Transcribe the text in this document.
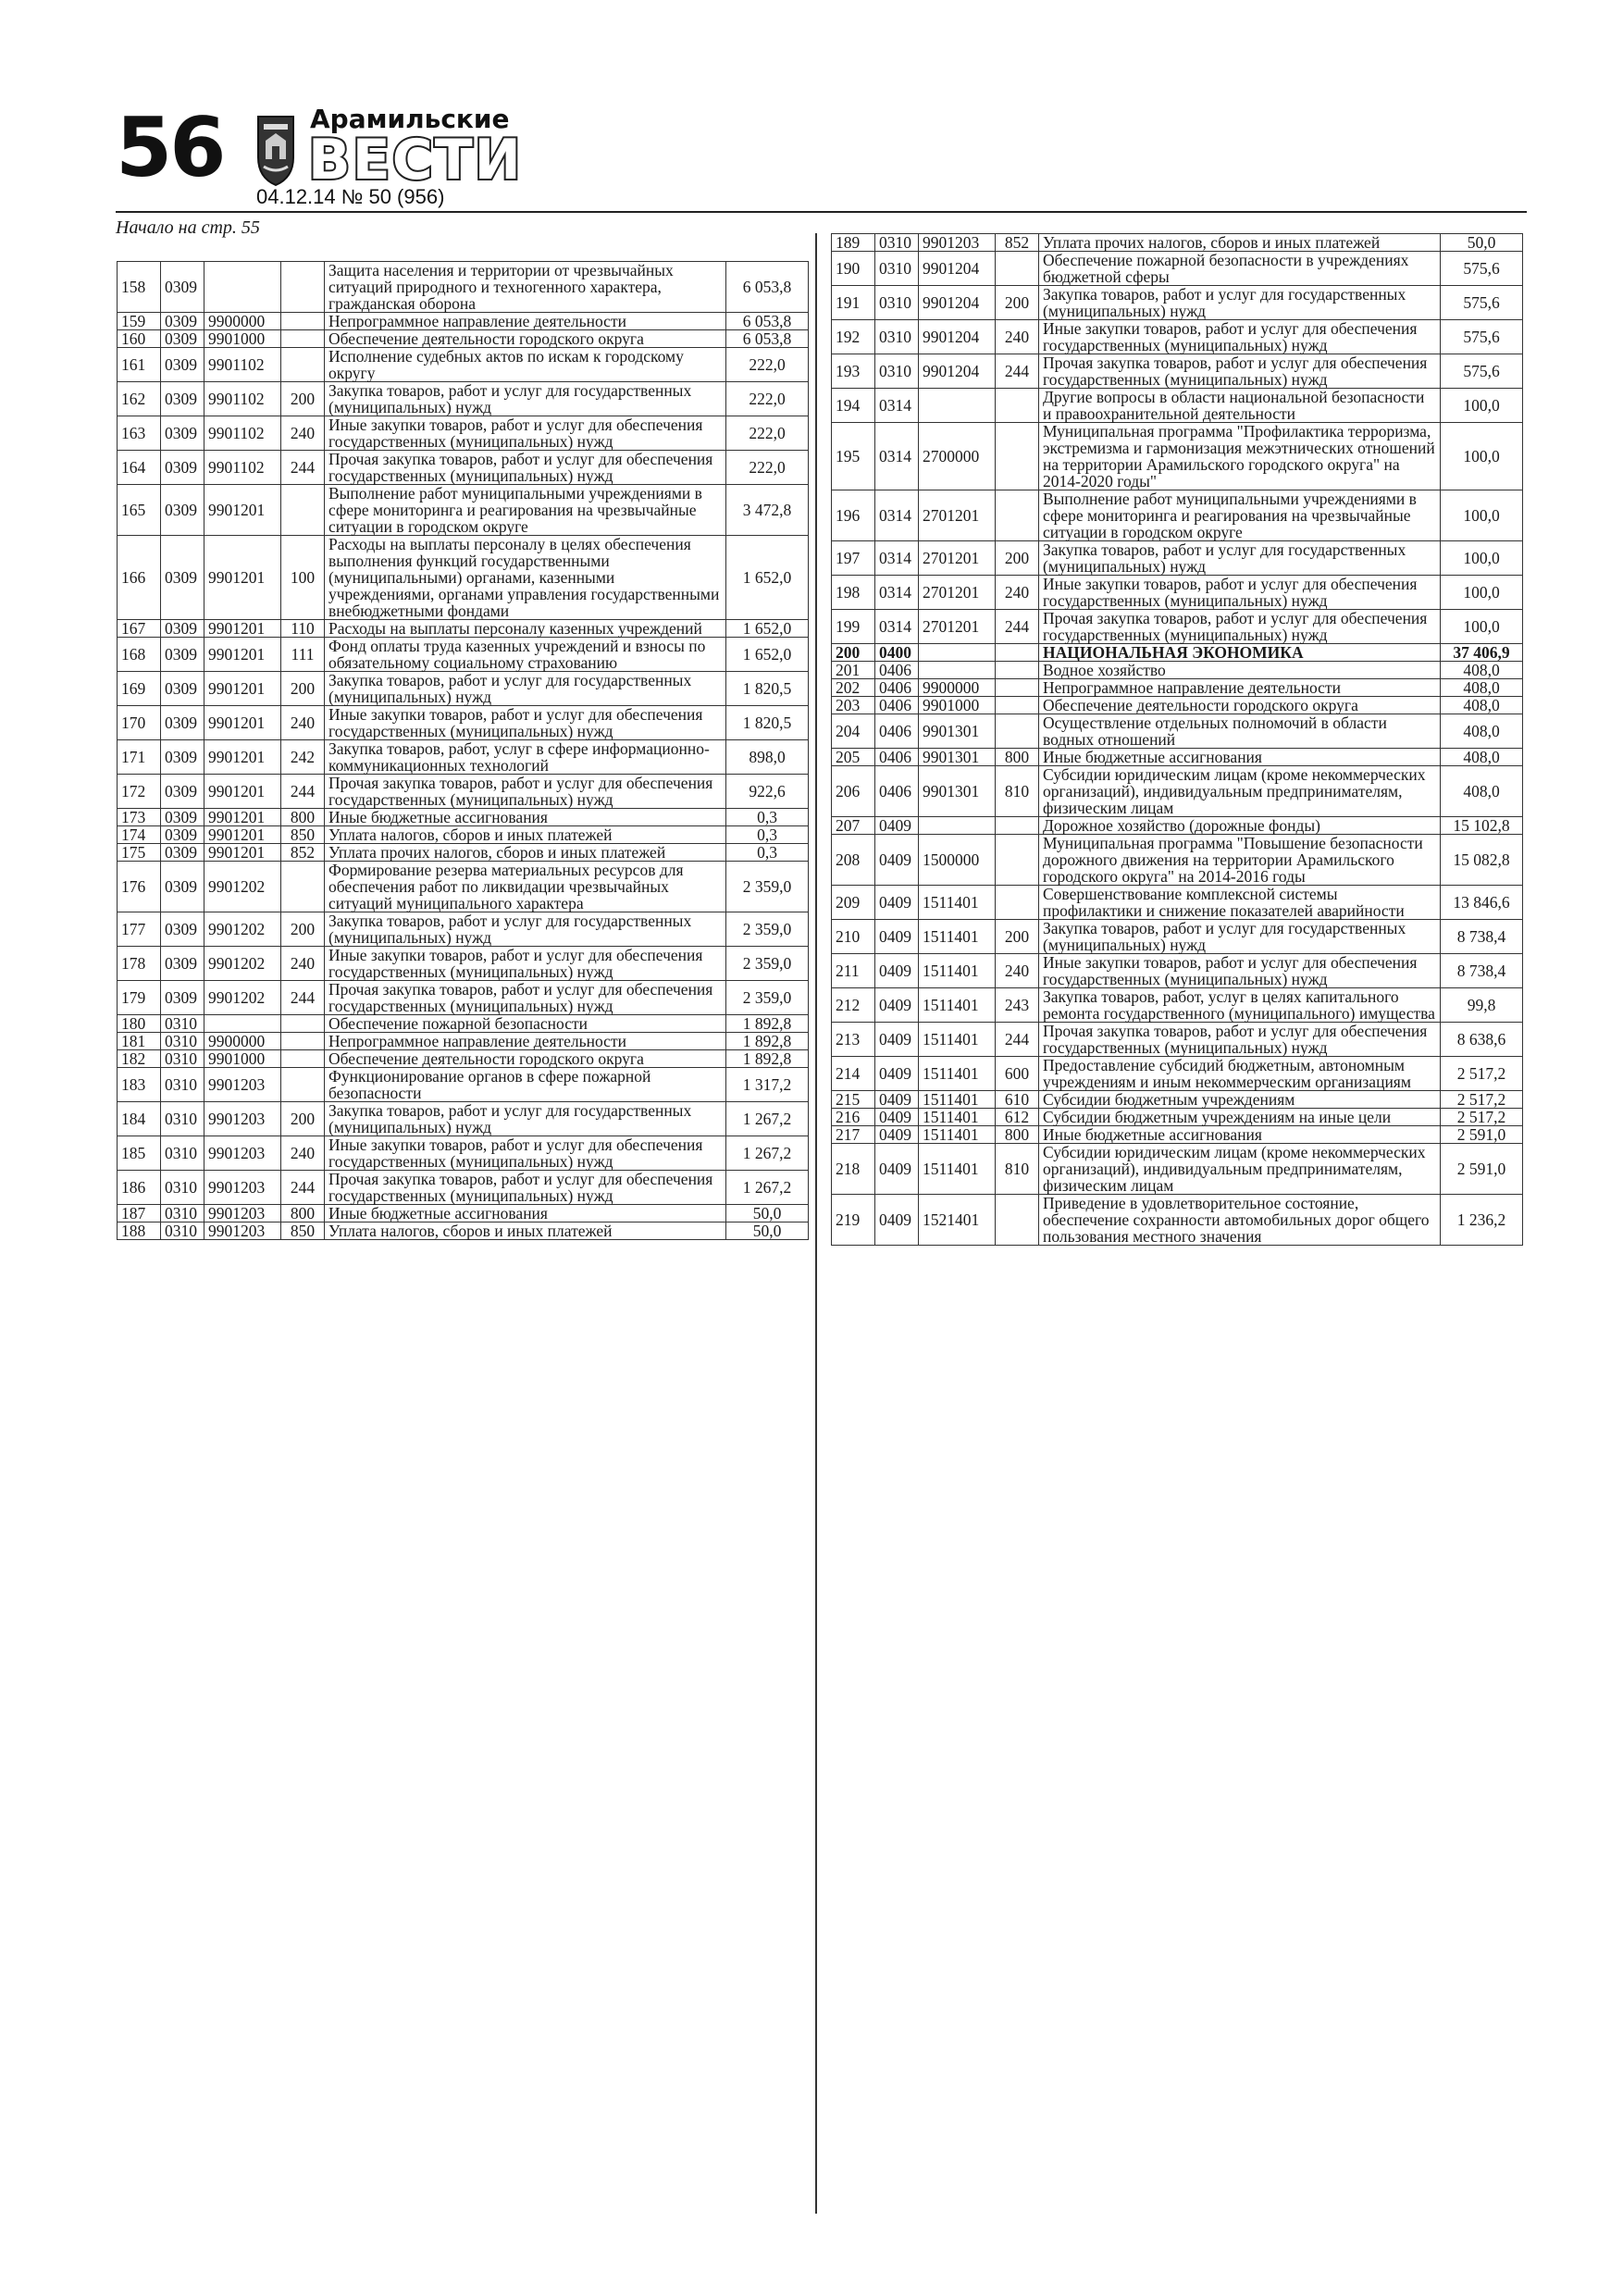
56	Арамильские
ВЕСТИ
04.12.14 № 50 (956)
Начало на стр. 55
158	0309			Защита населения и территории от чрезвычайных ситуаций природного и техногенного характера, гражданская оборона	6 053,8
159	0309	9900000		Непрограммное направление деятельности	6 053,8
160	0309	9901000		Обеспечение деятельности городского округа	6 053,8
161	0309	9901102		Исполнение судебных актов по искам к городскому округу	222,0
162	0309	9901102	200	Закупка товаров, работ и услуг для государственных (муниципальных) нужд	222,0
163	0309	9901102	240	Иные закупки товаров, работ и услуг для обеспечения государственных (муниципальных) нужд	222,0
164	0309	9901102	244	Прочая закупка товаров, работ и услуг для обеспечения государственных (муниципальных) нужд	222,0
165	0309	9901201		Выполнение работ муниципальными учреждениями в сфере мониторинга и реагирования на чрезвычайные ситуации в городском округе	3 472,8
166	0309	9901201	100	Расходы на выплаты персоналу в целях обеспечения выполнения функций государственными (муниципальными) органами, казенными учреждениями, органами управления государственными внебюджетными фондами	1 652,0
167	0309	9901201	110	Расходы на выплаты персоналу казенных учреждений	1 652,0
168	0309	9901201	111	Фонд оплаты труда казенных учреждений и взносы по обязательному социальному страхованию	1 652,0
169	0309	9901201	200	Закупка товаров, работ и услуг для государственных (муниципальных) нужд	1 820,5
170	0309	9901201	240	Иные закупки товаров, работ и услуг для обеспечения государственных (муниципальных) нужд	1 820,5
171	0309	9901201	242	Закупка товаров, работ, услуг в сфере информационно-коммуникационных технологий	898,0
172	0309	9901201	244	Прочая закупка товаров, работ и услуг для обеспечения государственных (муниципальных) нужд	922,6
173	0309	9901201	800	Иные бюджетные ассигнования	0,3
174	0309	9901201	850	Уплата налогов, сборов и иных платежей	0,3
175	0309	9901201	852	Уплата прочих налогов, сборов и иных платежей	0,3
176	0309	9901202		Формирование резерва материальных ресурсов для обеспечения работ по ликвидации чрезвычайных ситуаций муниципального характера	2 359,0
177	0309	9901202	200	Закупка товаров, работ и услуг для государственных (муниципальных) нужд	2 359,0
178	0309	9901202	240	Иные закупки товаров, работ и услуг для обеспечения государственных (муниципальных) нужд	2 359,0
179	0309	9901202	244	Прочая закупка товаров, работ и услуг для обеспечения государственных (муниципальных) нужд	2 359,0
180	0310			Обеспечение пожарной безопасности	1 892,8
181	0310	9900000		Непрограммное направление деятельности	1 892,8
182	0310	9901000		Обеспечение деятельности городского округа	1 892,8
183	0310	9901203		Функционирование органов в сфере пожарной безопасности	1 317,2
184	0310	9901203	200	Закупка товаров, работ и услуг для государственных (муниципальных) нужд	1 267,2
185	0310	9901203	240	Иные закупки товаров, работ и услуг для обеспечения государственных (муниципальных) нужд	1 267,2
186	0310	9901203	244	Прочая закупка товаров, работ и услуг для обеспечения государственных (муниципальных) нужд	1 267,2
187	0310	9901203	800	Иные бюджетные ассигнования	50,0
188	0310	9901203	850	Уплата налогов, сборов и иных платежей	50,0
189	0310	9901203	852	Уплата прочих налогов, сборов и иных платежей	50,0
190	0310	9901204		Обеспечение пожарной безопасности в учреждениях бюджетной сферы	575,6
191	0310	9901204	200	Закупка товаров, работ и услуг для государственных (муниципальных) нужд	575,6
192	0310	9901204	240	Иные закупки товаров, работ и услуг для обеспечения государственных (муниципальных) нужд	575,6
193	0310	9901204	244	Прочая закупка товаров, работ и услуг для обеспечения государственных (муниципальных) нужд	575,6
194	0314			Другие вопросы в области национальной безопасности и правоохранительной деятельности	100,0
195	0314	2700000		Муниципальная программа "Профилактика терроризма, экстремизма и гармонизация межэтнических отношений на территории Арамильского городского округа" на 2014-2020 годы"	100,0
196	0314	2701201		Выполнение работ муниципальными учреждениями в сфере мониторинга и реагирования на чрезвычайные ситуации в городском округе	100,0
197	0314	2701201	200	Закупка товаров, работ и услуг для государственных (муниципальных) нужд	100,0
198	0314	2701201	240	Иные закупки товаров, работ и услуг для обеспечения государственных (муниципальных) нужд	100,0
199	0314	2701201	244	Прочая закупка товаров, работ и услуг для обеспечения государственных (муниципальных) нужд	100,0
200	0400			НАЦИОНАЛЬНАЯ ЭКОНОМИКА	37 406,9
201	0406			Водное хозяйство	408,0
202	0406	9900000		Непрограммное направление деятельности	408,0
203	0406	9901000		Обеспечение деятельности городского округа	408,0
204	0406	9901301		Осуществление отдельных полномочий в области водных отношений	408,0
205	0406	9901301	800	Иные бюджетные ассигнования	408,0
206	0406	9901301	810	Субсидии юридическим лицам (кроме некоммерческих организаций), индивидуальным предпринимателям, физическим лицам	408,0
207	0409			Дорожное хозяйство (дорожные фонды)	15 102,8
208	0409	1500000		Муниципальная программа "Повышение безопасности дорожного движения на территории Арамильского городского округа" на 2014-2016 годы	15 082,8
209	0409	1511401		Совершенствование комплексной системы профилактики и снижение показателей аварийности	13 846,6
210	0409	1511401	200	Закупка товаров, работ и услуг для государственных (муниципальных) нужд	8 738,4
211	0409	1511401	240	Иные закупки товаров, работ и услуг для обеспечения государственных (муниципальных) нужд	8 738,4
212	0409	1511401	243	Закупка товаров, работ, услуг в целях капитального ремонта государственного (муниципального) имущества	99,8
213	0409	1511401	244	Прочая закупка товаров, работ и услуг для обеспечения государственных (муниципальных) нужд	8 638,6
214	0409	1511401	600	Предоставление субсидий бюджетным, автономным учреждениям и иным некоммерческим организациям	2 517,2
215	0409	1511401	610	Субсидии бюджетным учреждениям	2 517,2
216	0409	1511401	612	Субсидии бюджетным учреждениям на иные цели	2 517,2
217	0409	1511401	800	Иные бюджетные ассигнования	2 591,0
218	0409	1511401	810	Субсидии юридическим лицам (кроме некоммерческих организаций), индивидуальным предпринимателям, физическим лицам	2 591,0
219	0409	1521401		Приведение в удовлетворительное состояние, обеспечение сохранности автомобильных дорог общего пользования местного значения	1 236,2
